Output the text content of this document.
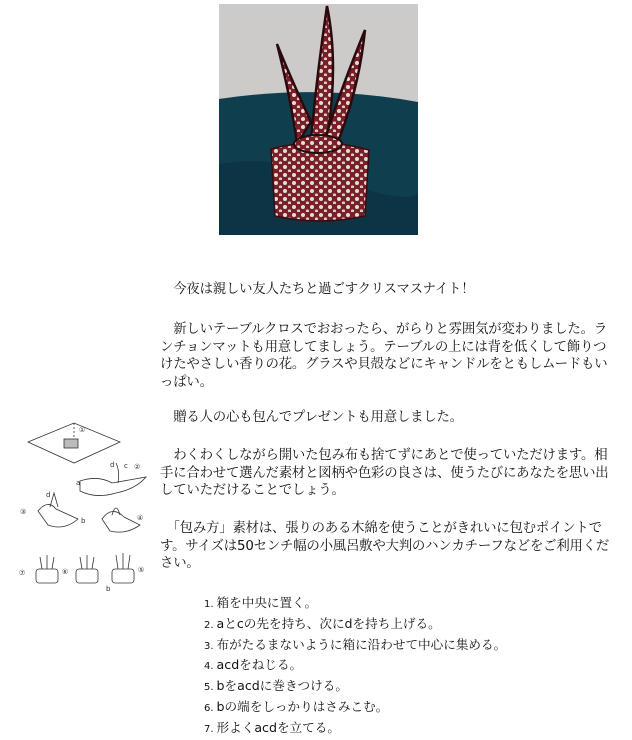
①
d c ②
a
③
d
b	④
⑤
b
⑥
⑦

　今夜は親しい友人たちと過ごすクリスマスナイト！

　新しいテーブルクロスでおおったら、がらりと雰囲気が変わりました。ランチョンマットも用意してましょう。テーブルの上には背を低くして飾りつけたやさしい香りの花。グラスや貝殻などにキャンドルをともしムードもいっぱい。

　贈る人の心も包んでプレゼントも用意しました。

　わくわくしながら開いた包み布も捨てずにあとで使っていただけます。相手に合わせて選んだ素材と図柄や色彩の良さは、使うたびにあなたを思い出していただけることでしょう。

　「包み方」素材は、張りのある木綿を使うことがきれいに包むポイントです。サイズは50センチ幅の小風呂敷や大判のハンカチーフなどをご利用ください。

1. 箱を中央に置く。
2. aとcの先を持ち、次にdを持ち上げる。
3. 布がたるまないように箱に沿わせて中心に集める。
4. acdをねじる。
5. bをacdに巻きつける。
6. bの端をしっかりはさみこむ。
7. 形よくacdを立てる。
